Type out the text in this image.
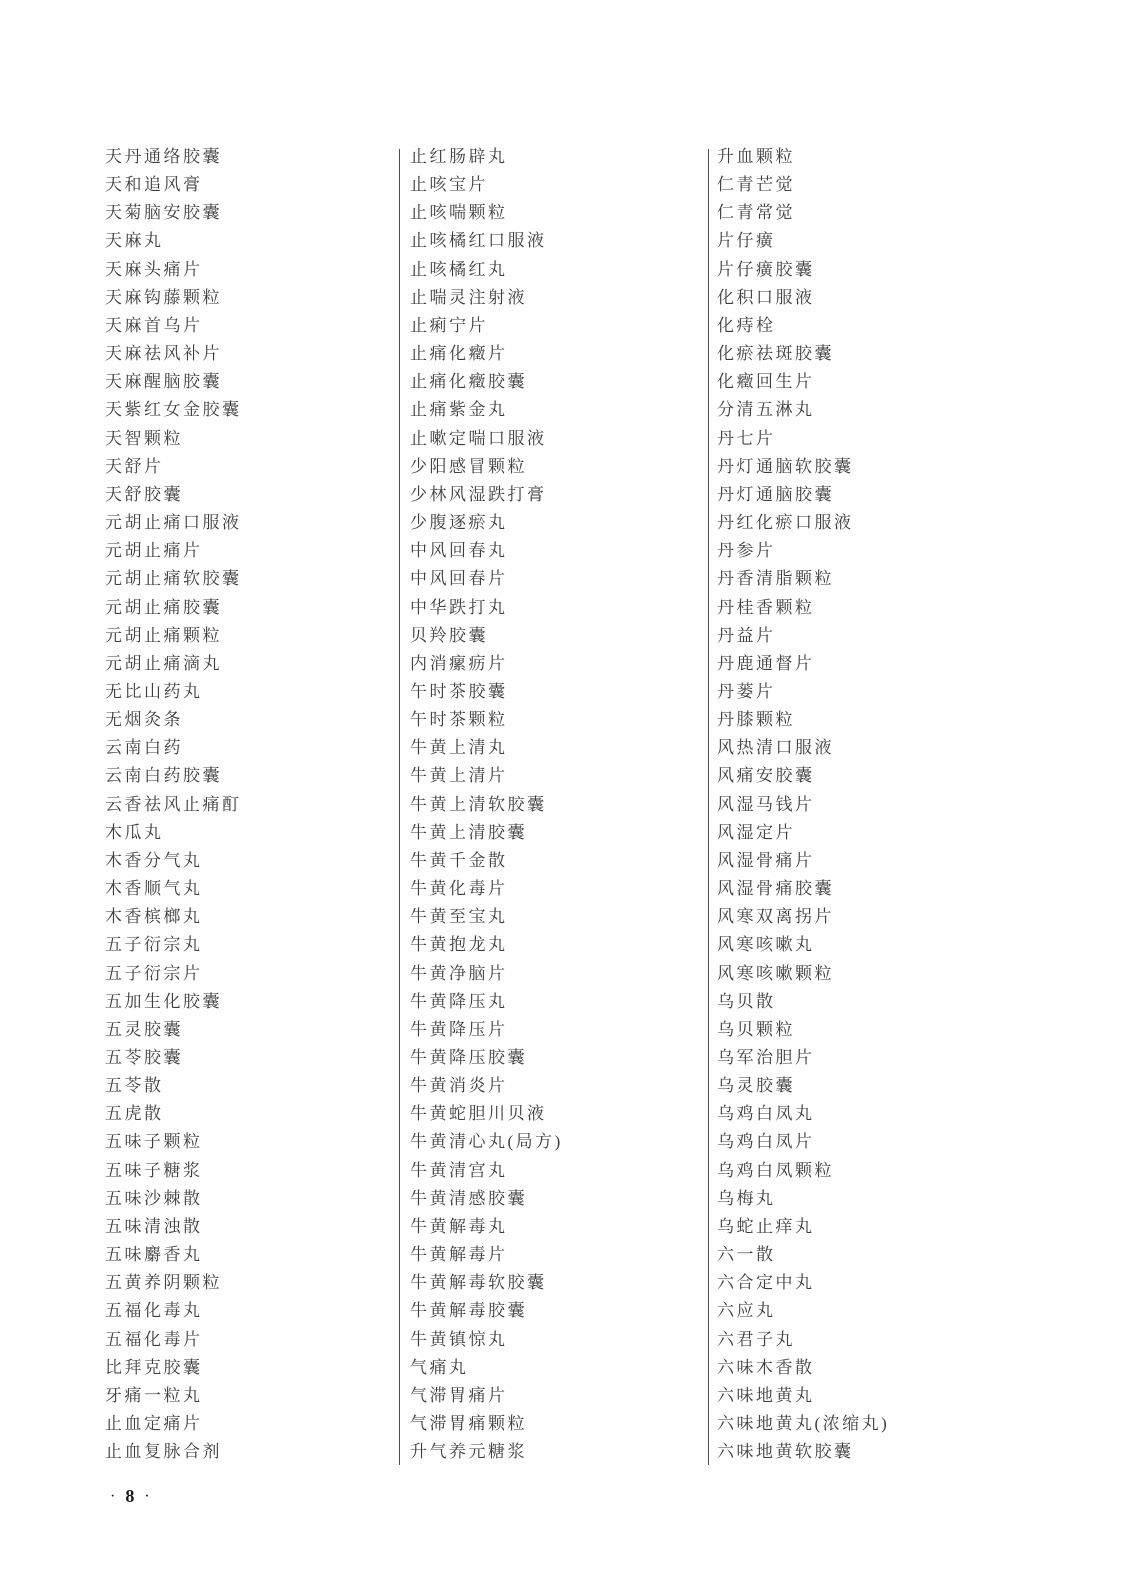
天丹通络胶囊
天和追风膏
天菊脑安胶囊
天麻丸
天麻头痛片
天麻钩藤颗粒
天麻首乌片
天麻祛风补片
天麻醒脑胶囊
天紫红女金胶囊
天智颗粒
天舒片
天舒胶囊
元胡止痛口服液
元胡止痛片
元胡止痛软胶囊
元胡止痛胶囊
元胡止痛颗粒
元胡止痛滴丸
无比山药丸
无烟灸条
云南白药
云南白药胶囊
云香祛风止痛酊
木瓜丸
木香分气丸
木香顺气丸
木香槟榔丸
五子衍宗丸
五子衍宗片
五加生化胶囊
五灵胶囊
五苓胶囊
五苓散
五虎散
五味子颗粒
五味子糖浆
五味沙棘散
五味清浊散
五味麝香丸
五黄养阴颗粒
五福化毒丸
五福化毒片
比拜克胶囊
牙痛一粒丸
止血定痛片
止血复脉合剂
止红肠辟丸
止咳宝片
止咳喘颗粒
止咳橘红口服液
止咳橘红丸
止喘灵注射液
止痢宁片
止痛化癥片
止痛化癥胶囊
止痛紫金丸
止嗽定喘口服液
少阳感冒颗粒
少林风湿跌打膏
少腹逐瘀丸
中风回春丸
中风回春片
中华跌打丸
贝羚胶囊
内消瘰疬片
午时茶胶囊
午时茶颗粒
牛黄上清丸
牛黄上清片
牛黄上清软胶囊
牛黄上清胶囊
牛黄千金散
牛黄化毒片
牛黄至宝丸
牛黄抱龙丸
牛黄净脑片
牛黄降压丸
牛黄降压片
牛黄降压胶囊
牛黄消炎片
牛黄蛇胆川贝液
牛黄清心丸(局方)
牛黄清宫丸
牛黄清感胶囊
牛黄解毒丸
牛黄解毒片
牛黄解毒软胶囊
牛黄解毒胶囊
牛黄镇惊丸
气痛丸
气滞胃痛片
气滞胃痛颗粒
升气养元糖浆
升血颗粒
仁青芒觉
仁青常觉
片仔癀
片仔癀胶囊
化积口服液
化痔栓
化瘀祛斑胶囊
化癥回生片
分清五淋丸
丹七片
丹灯通脑软胶囊
丹灯通脑胶囊
丹红化瘀口服液
丹参片
丹香清脂颗粒
丹桂香颗粒
丹益片
丹鹿通督片
丹蒌片
丹膝颗粒
风热清口服液
风痛安胶囊
风湿马钱片
风湿定片
风湿骨痛片
风湿骨痛胶囊
风寒双离拐片
风寒咳嗽丸
风寒咳嗽颗粒
乌贝散
乌贝颗粒
乌军治胆片
乌灵胶囊
乌鸡白凤丸
乌鸡白凤片
乌鸡白凤颗粒
乌梅丸
乌蛇止痒丸
六一散
六合定中丸
六应丸
六君子丸
六味木香散
六味地黄丸
六味地黄丸(浓缩丸)
六味地黄软胶囊
· 8 ·
